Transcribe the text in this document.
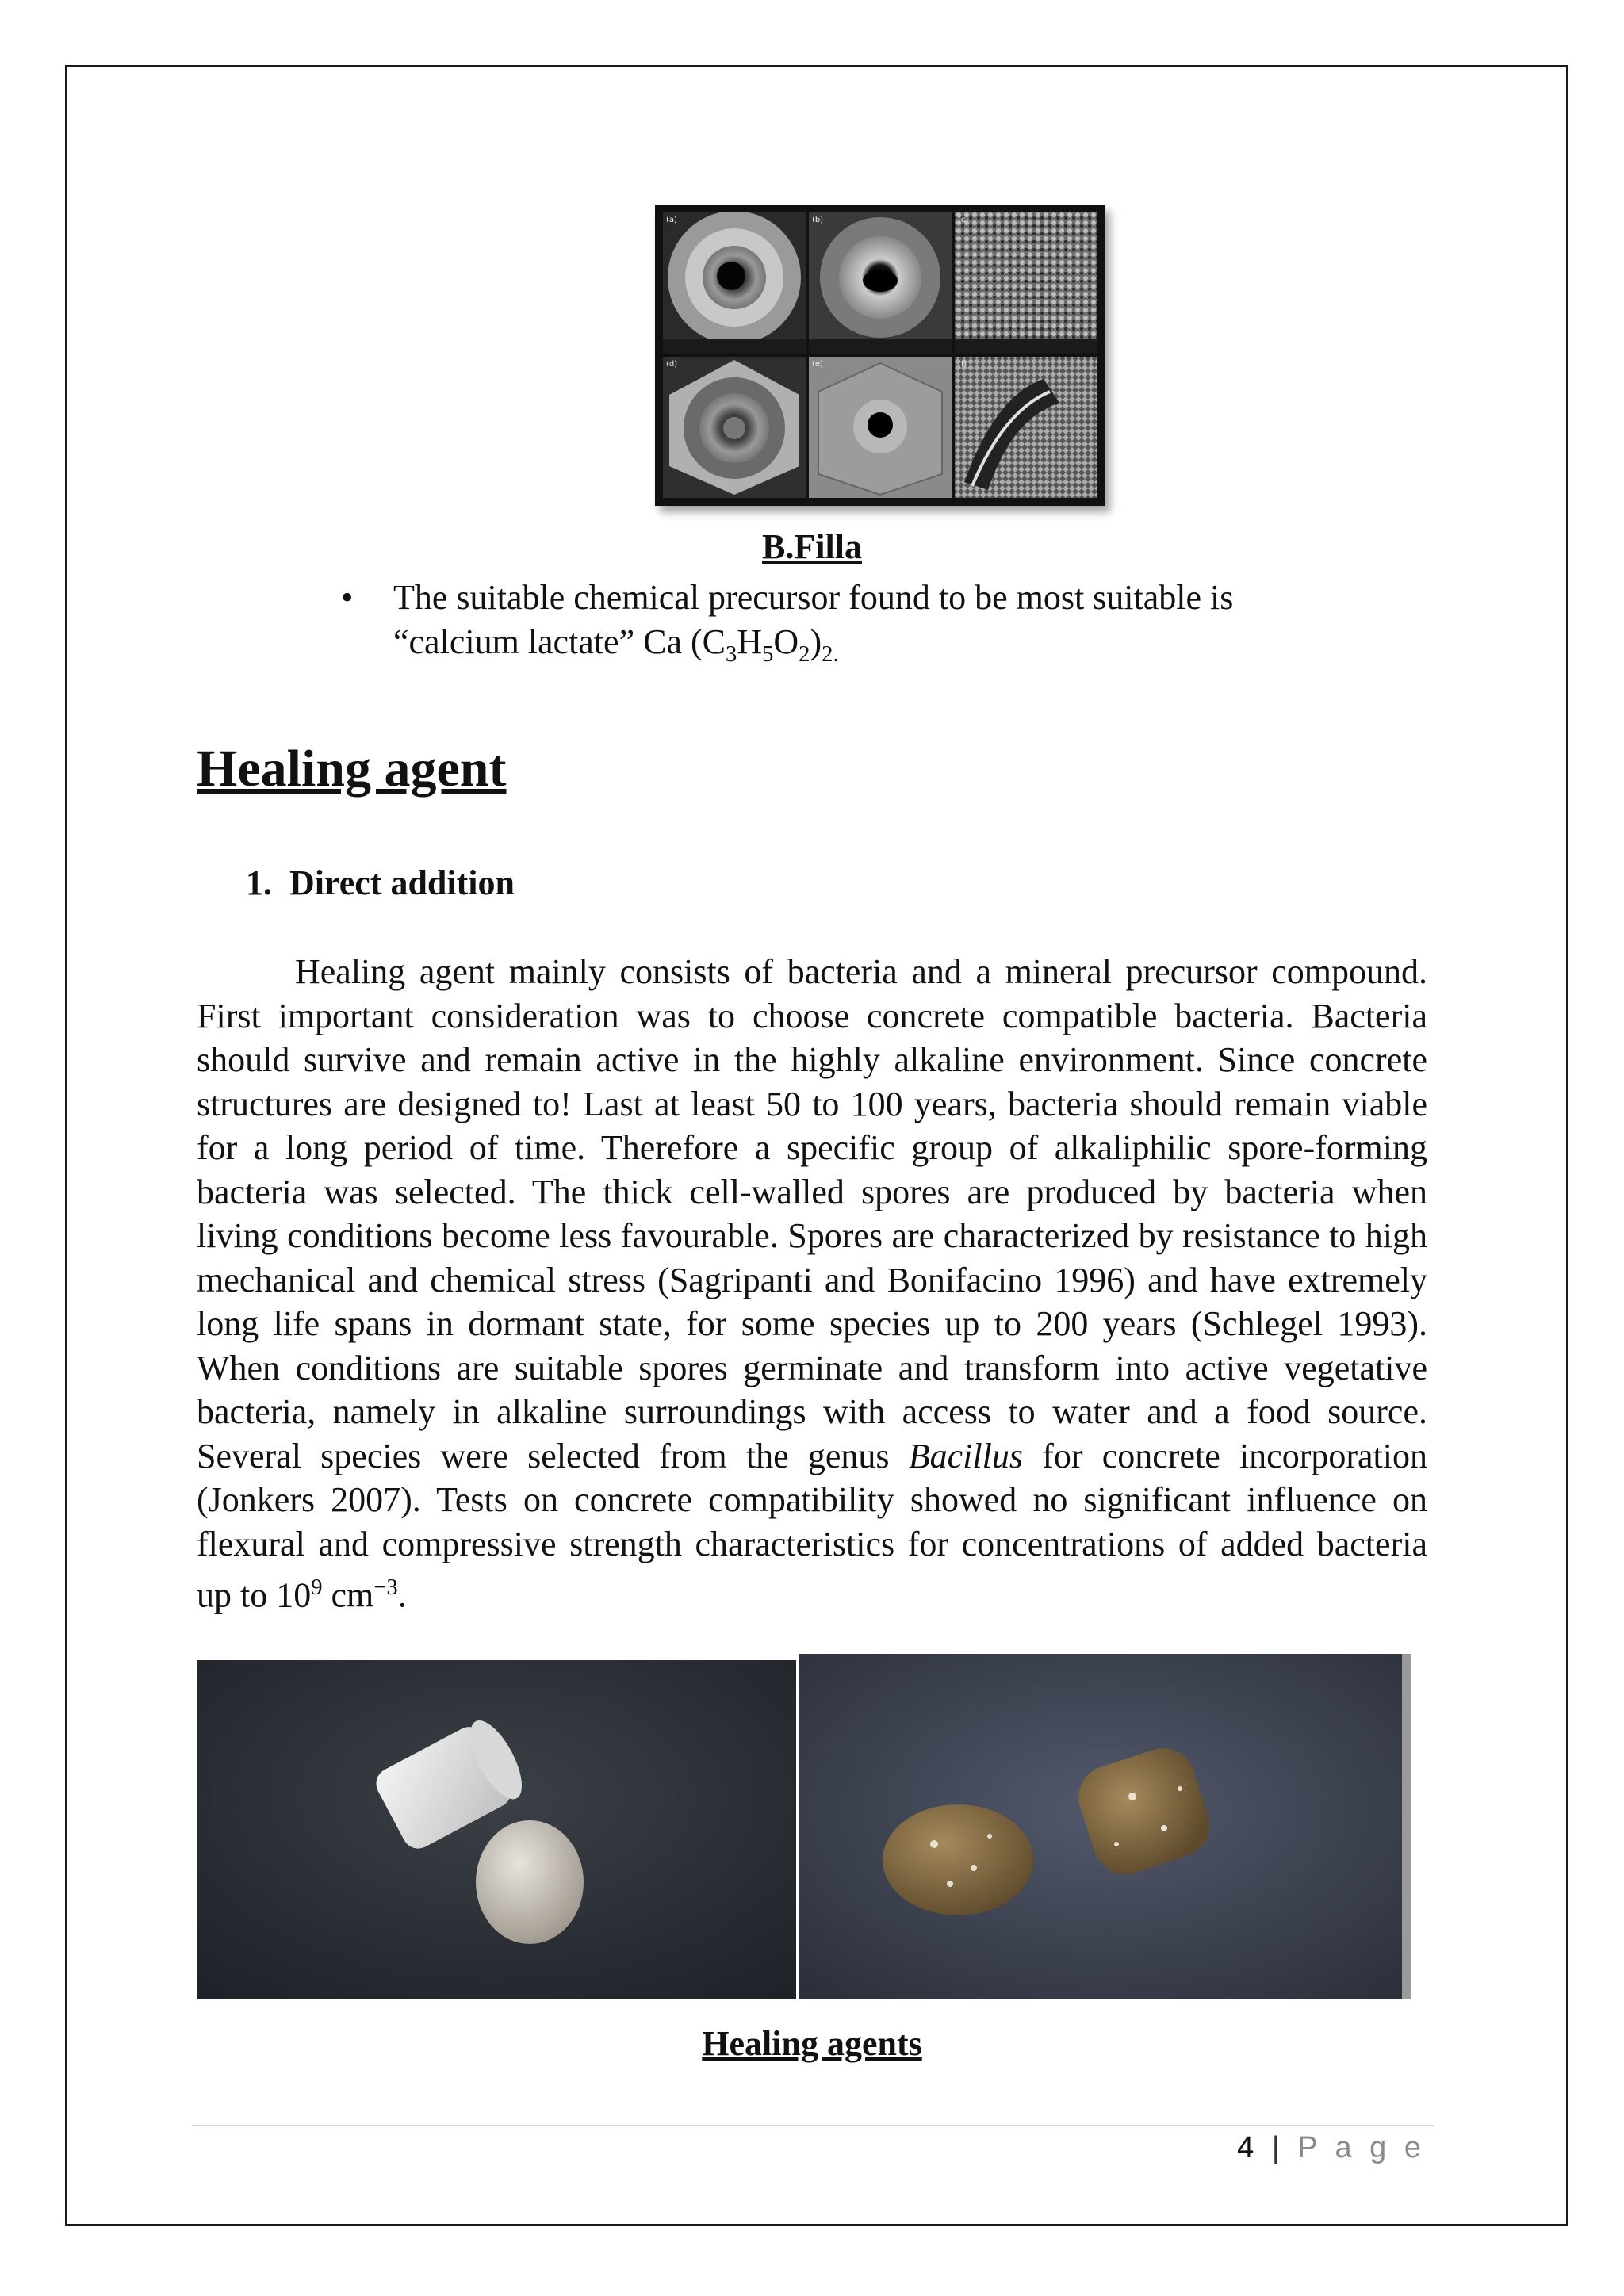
(a)	(b)	(c)
(d)	(e)	(f)
B.Filla
• The suitable chemical precursor found to be most suitable is “calcium lactate” Ca $(C_3H_5O_2)_{2.}$
Healing agent
1. Direct addition
Healing agent mainly consists of bacteria and a mineral precursor compound. First important consideration was to choose concrete compatible bacteria. Bacteria should survive and remain active in the highly alkaline environment. Since concrete structures are designed to! Last at least 50 to 100 years, bacteria should remain viable for a long period of time. Therefore a specific group of alkaliphilic spore-forming bacteria was selected. The thick cell-walled spores are produced by bacteria when living conditions become less favourable. Spores are characterized by resistance to high mechanical and chemical stress (Sagripanti and Bonifacino 1996) and have extremely long life spans in dormant state, for some species up to 200 years (Schlegel 1993). When conditions are suitable spores germinate and transform into active vegetative bacteria, namely in alkaline surroundings with access to water and a food source. Several species were selected from the genus Bacillus for concrete incorporation (Jonkers 2007). Tests on concrete compatibility showed no significant influence on flexural and compressive strength characteristics for concentrations of added bacteria up to $10^9$ $cm^{-3}$.
Healing agents
4 | P a g e
